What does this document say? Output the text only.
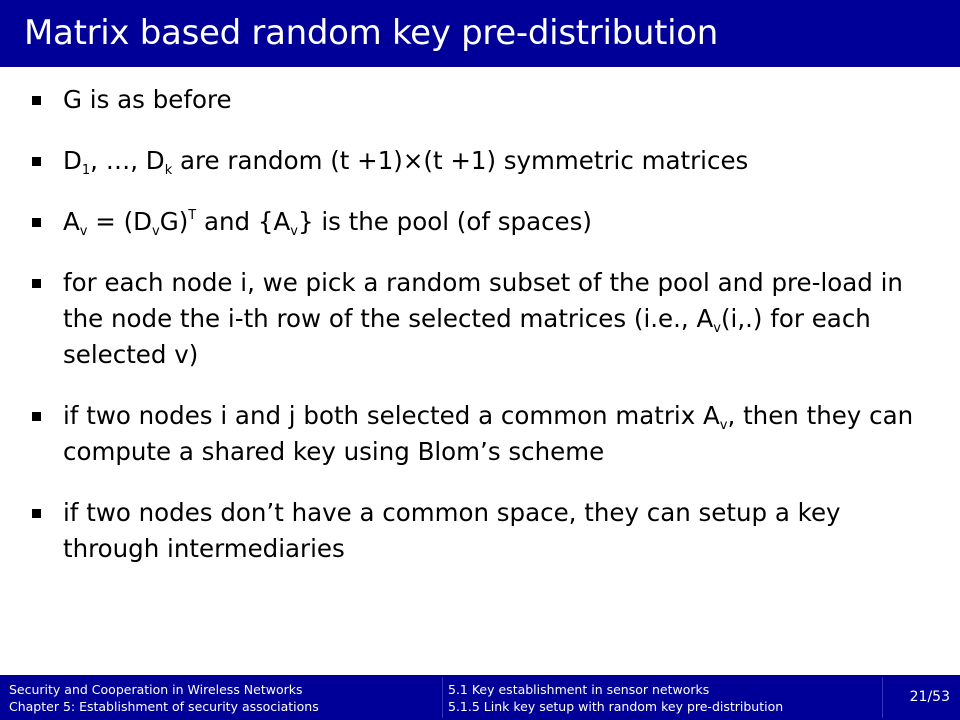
Matrix based random key pre-distribution
G is as before
$D_1$, …, $D_k$ are random (t +1)×(t +1) symmetric matrices
$A_v = (D_vG)^T$ and $\{A_v\}$ is the pool (of spaces)
for each node i, we pick a random subset of the pool and pre-load in the node the i-th row of the selected matrices (i.e., $A_v(i,.)$ for each selected v)
if two nodes i and j both selected a common matrix $A_v$, then they can compute a shared key using Blom’s scheme
if two nodes don’t have a common space, they can setup a key through intermediaries
Security and Cooperation in Wireless Networks
Chapter 5: Establishment of security associations
5.1 Key establishment in sensor networks
5.1.5 Link key setup with random key pre-distribution
21/53
